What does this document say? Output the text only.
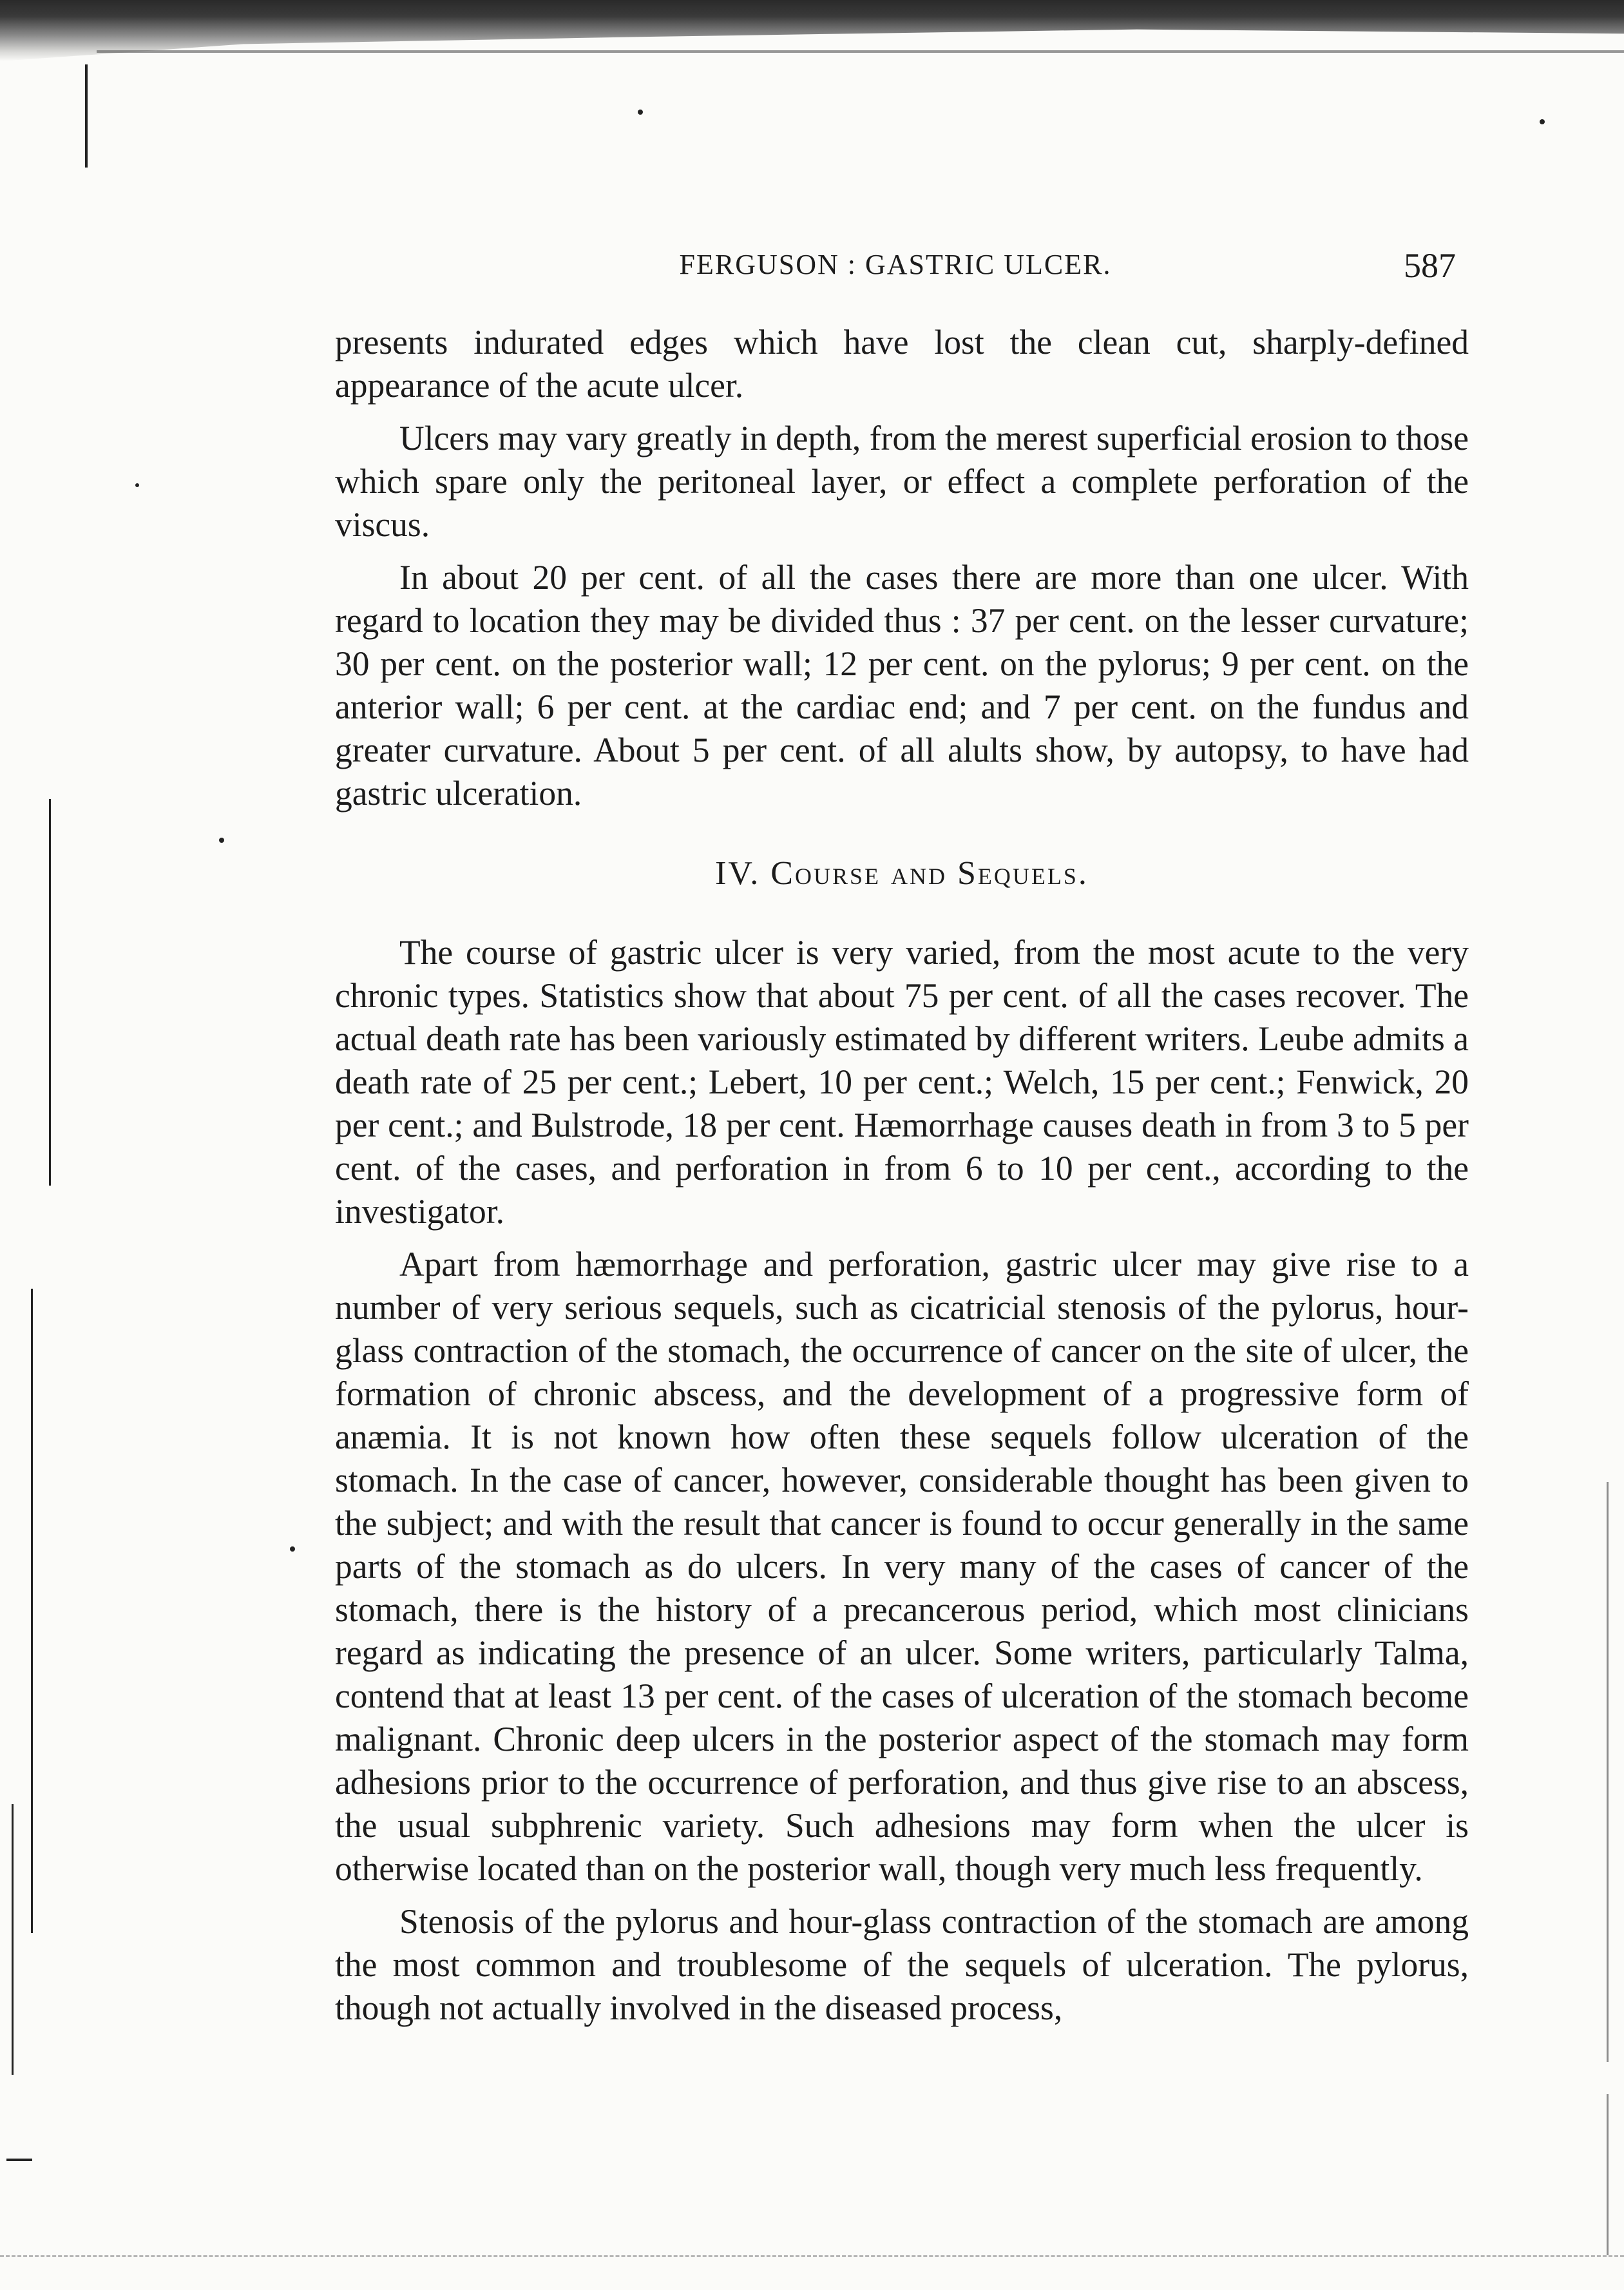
FERGUSON : GASTRIC ULCER.	587

presents indurated edges which have lost the clean cut, sharply-defined appearance of the acute ulcer.

Ulcers may vary greatly in depth, from the merest superficial erosion to those which spare only the peritoneal layer, or effect a complete perforation of the viscus.

In about 20 per cent. of all the cases there are more than one ulcer. With regard to location they may be divided thus : 37 per cent. on the lesser curvature; 30 per cent. on the posterior wall; 12 per cent. on the pylorus; 9 per cent. on the anterior wall; 6 per cent. at the cardiac end; and 7 per cent. on the fundus and greater curvature. About 5 per cent. of all alults show, by autopsy, to have had gastric ulceration.

IV. Course and Sequels.

The course of gastric ulcer is very varied, from the most acute to the very chronic types. Statistics show that about 75 per cent. of all the cases recover. The actual death rate has been variously estimated by different writers. Leube admits a death rate of 25 per cent.; Lebert, 10 per cent.; Welch, 15 per cent.; Fenwick, 20 per cent.; and Bulstrode, 18 per cent. Hæmorrhage causes death in from 3 to 5 per cent. of the cases, and perforation in from 6 to 10 per cent., according to the investigator.

Apart from hæmorrhage and perforation, gastric ulcer may give rise to a number of very serious sequels, such as cicatricial stenosis of the pylorus, hour-glass contraction of the stomach, the occurrence of cancer on the site of ulcer, the formation of chronic abscess, and the development of a progressive form of anæmia. It is not known how often these sequels follow ulceration of the stomach. In the case of cancer, however, considerable thought has been given to the subject; and with the result that cancer is found to occur generally in the same parts of the stomach as do ulcers. In very many of the cases of cancer of the stomach, there is the history of a precancerous period, which most clinicians regard as indicating the presence of an ulcer. Some writers, particularly Talma, contend that at least 13 per cent. of the cases of ulceration of the stomach become malignant. Chronic deep ulcers in the posterior aspect of the stomach may form adhesions prior to the occurrence of perforation, and thus give rise to an abscess, the usual subphrenic variety. Such adhesions may form when the ulcer is otherwise located than on the posterior wall, though very much less frequently.

Stenosis of the pylorus and hour-glass contraction of the stomach are among the most common and troublesome of the sequels of ulceration. The pylorus, though not actually involved in the diseased process,
